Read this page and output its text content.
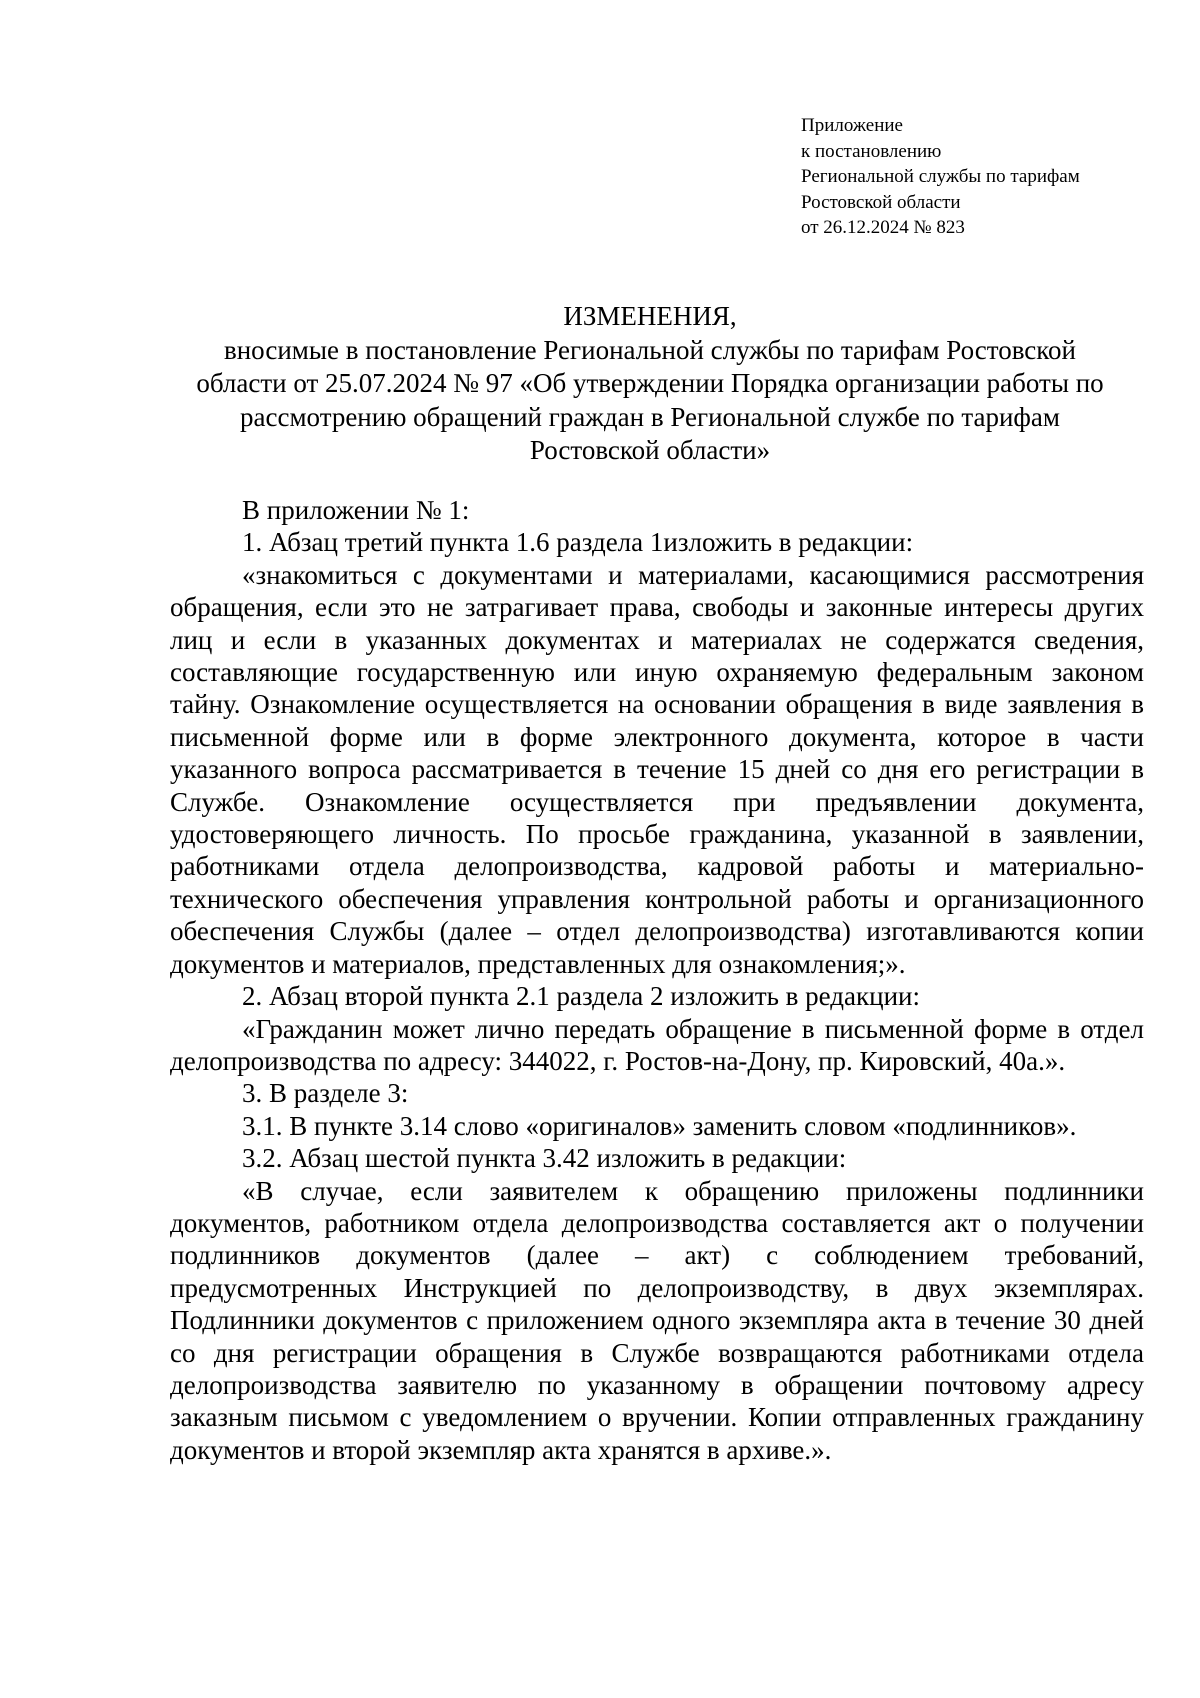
Приложение
к постановлению
Региональной службы по тарифам
Ростовской области
от 26.12.2024 № 823
ИЗМЕНЕНИЯ,
вносимые в постановление Региональной службы по тарифам Ростовской
области от 25.07.2024 № 97 «Об утверждении Порядка организации работы по
рассмотрению обращений граждан в Региональной службе по тарифам
Ростовской области»

В приложении № 1:

1. Абзац третий пункта 1.6 раздела 1изложить в редакции:

«знакомиться с документами и материалами, касающимися рассмотрения обращения, если это не затрагивает права, свободы и законные интересы других лиц и если в указанных документах и материалах не содержатся сведения, составляющие государственную или иную охраняемую федеральным законом тайну. Ознакомление осуществляется на основании обращения в виде заявления в письменной форме или в форме электронного документа, которое в части указанного вопроса рассматривается в течение 15 дней со дня его регистрации в Службе. Ознакомление осуществляется при предъявлении документа, удостоверяющего личность. По просьбе гражданина, указанной в заявлении, работниками отдела делопроизводства, кадровой работы и материально-технического обеспечения управления контрольной работы и организационного обеспечения Службы (далее – отдел делопроизводства) изготавливаются копии документов и материалов, представленных для ознакомления;».

2. Абзац второй пункта 2.1 раздела 2 изложить в редакции:

«Гражданин может лично передать обращение в письменной форме в отдел делопроизводства по адресу: 344022, г. Ростов-на-Дону, пр. Кировский, 40а.».

3. В разделе 3:

3.1. В пункте 3.14 слово «оригиналов» заменить словом «подлинников».

3.2. Абзац шестой пункта 3.42 изложить в редакции:

«В случае, если заявителем к обращению приложены подлинники документов, работником отдела делопроизводства составляется акт о получении подлинников документов (далее – акт) с соблюдением требований, предусмотренных Инструкцией по делопроизводству, в двух экземплярах. Подлинники документов с приложением одного экземпляра акта в течение 30 дней со дня регистрации обращения в Службе возвращаются работниками отдела делопроизводства заявителю по указанному в обращении почтовому адресу заказным письмом с уведомлением о вручении. Копии отправленных гражданину документов и второй экземпляр акта хранятся в архиве.».
